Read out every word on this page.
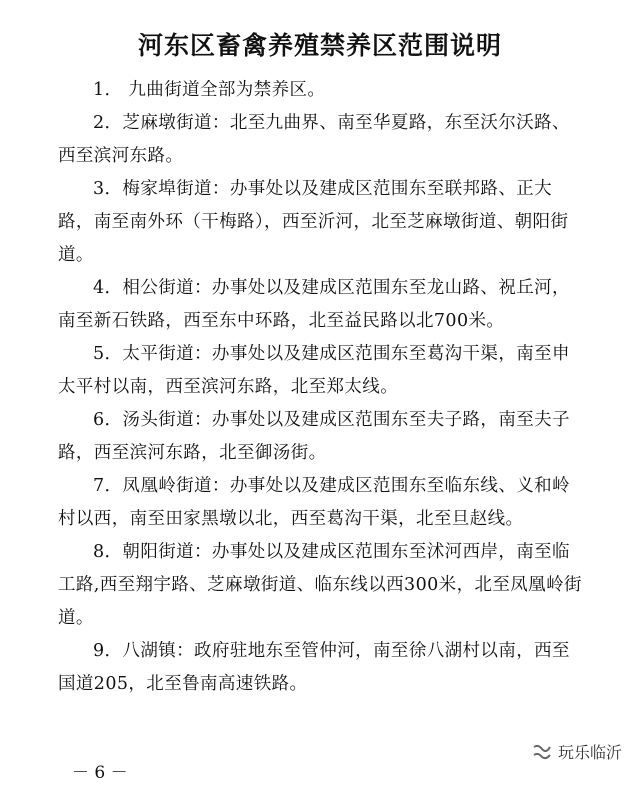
河东区畜禽养殖禁养区范围说明

1． 九曲街道全部为禁养区。

2．芝麻墩街道：北至九曲界、南至华夏路，东至沃尔沃路、西至滨河东路。

3．梅家埠街道：办事处以及建成区范围东至联邦路、正大路，南至南外环（干梅路），西至沂河，北至芝麻墩街道、朝阳街道。

4．相公街道：办事处以及建成区范围东至龙山路、祝丘河，南至新石铁路，西至东中环路，北至益民路以北700米。

5．太平街道：办事处以及建成区范围东至葛沟干渠，南至申太平村以南，西至滨河东路，北至郑太线。

6．汤头街道：办事处以及建成区范围东至夫子路，南至夫子路，西至滨河东路，北至御汤街。

7．凤凰岭街道：办事处以及建成区范围东至临东线、义和岭村以西，南至田家黑墩以北，西至葛沟干渠，北至旦赵线。

8．朝阳街道：办事处以及建成区范围东至沭河西岸，南至临工路,西至翔宇路、芝麻墩街道、临东线以西300米，北至凤凰岭街道。

9．八湖镇：政府驻地东至管仲河，南至徐八湖村以南，西至国道205，北至鲁南高速铁路。

玩乐临沂
－ 6 －
